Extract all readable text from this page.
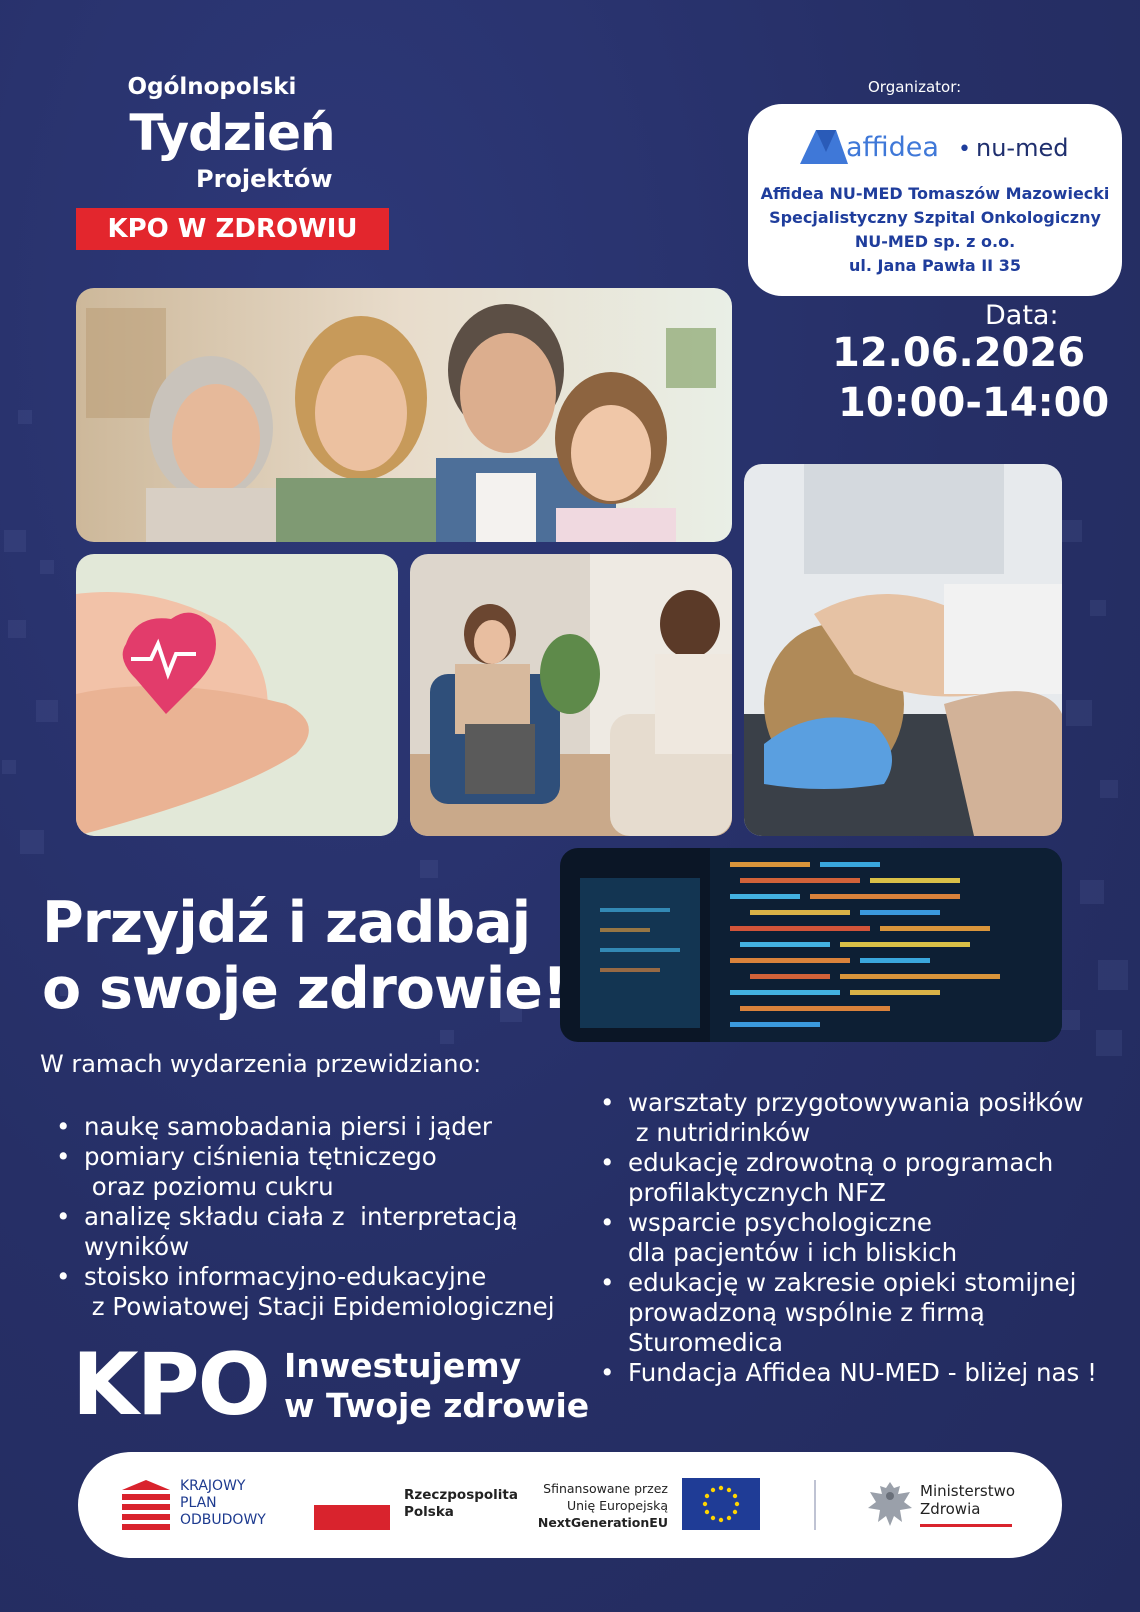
Ogólnopolski
Tydzień
Projektów
KPO W ZDROWIU
Organizator:
affidea • nu-med
Affidea NU-MED Tomaszów Mazowiecki
Specjalistyczny Szpital Onkologiczny
NU-MED sp. z o.o.
ul. Jana Pawła II 35
Data:
12.06.2026
10:00-14:00
Przyjdź i zadbaj
o swoje zdrowie!
W ramach wydarzenia przewidziano:
• naukę samobadania piersi i jąder
• pomiary ciśnienia tętniczego
oraz poziomu cukru
• analizę składu ciała z  interpretacją
wyników
• stoisko informacyjno-edukacyjne
z Powiatowej Stacji Epidemiologicznej
• warsztaty przygotowywania posiłków
z nutridrinków
• edukację zdrowotną o programach
profilaktycznych NFZ
• wsparcie psychologiczne
dla pacjentów i ich bliskich
• edukację w zakresie opieki stomijnej
prowadzoną wspólnie z firmą
Sturomedica
• Fundacja Affidea NU-MED - bliżej nas !
KPO Inwestujemy
w Twoje zdrowie
KRAJOWY
PLAN
ODBUDOWY
Rzeczpospolita
Polska
Sfinansowane przez
Unię Europejską
NextGenerationEU
Ministerstwo
Zdrowia
